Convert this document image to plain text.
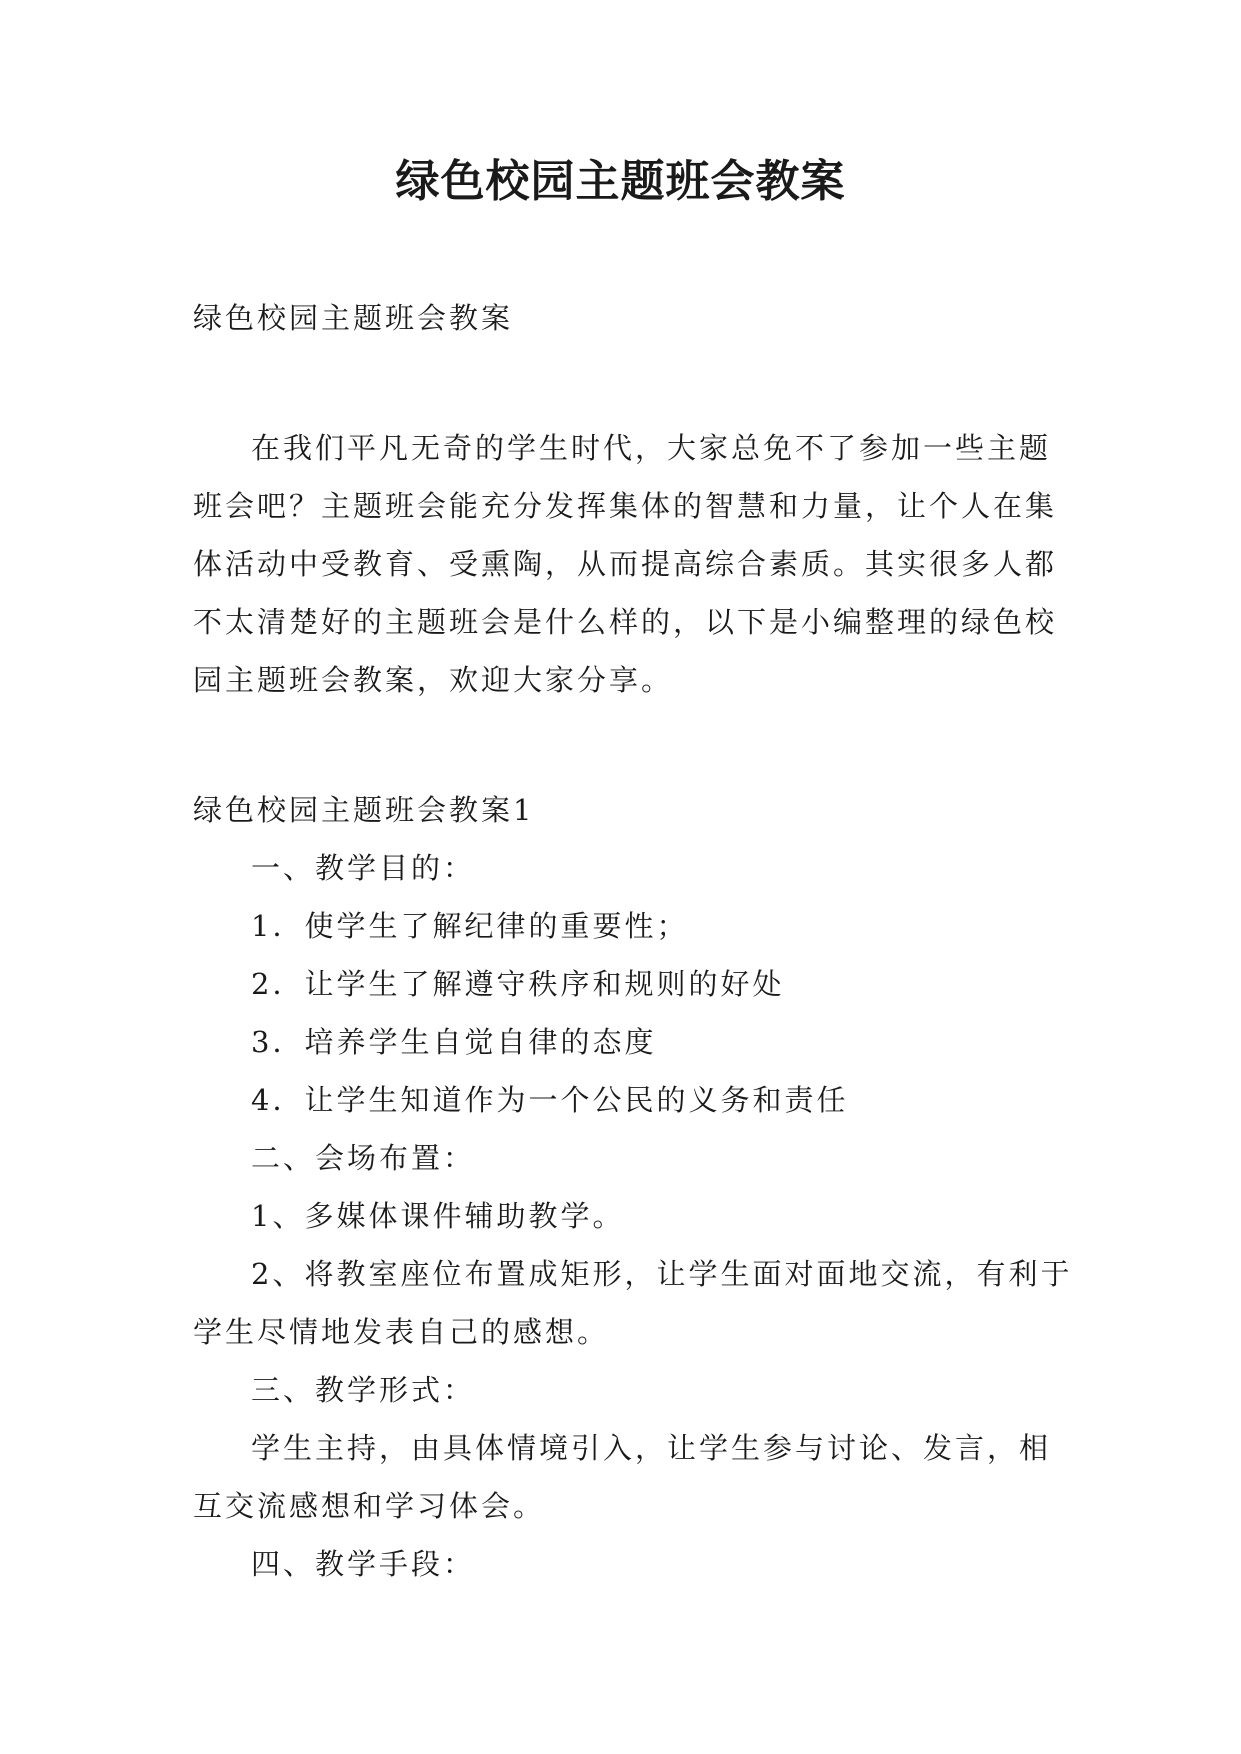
绿色校园主题班会教案

绿色校园主题班会教案

在我们平凡无奇的学生时代，大家总免不了参加一些主题班会吧？主题班会能充分发挥集体的智慧和力量，让个人在集体活动中受教育、受熏陶，从而提高综合素质。其实很多人都不太清楚好的主题班会是什么样的，以下是小编整理的绿色校园主题班会教案，欢迎大家分享。

绿色校园主题班会教案1

一、教学目的：

1．使学生了解纪律的重要性；

2．让学生了解遵守秩序和规则的好处

3．培养学生自觉自律的态度

4．让学生知道作为一个公民的义务和责任

二、会场布置：

1、多媒体课件辅助教学。

2、将教室座位布置成矩形，让学生面对面地交流，有利于学生尽情地发表自己的感想。

三、教学形式：

学生主持，由具体情境引入，让学生参与讨论、发言，相互交流感想和学习体会。

四、教学手段：
